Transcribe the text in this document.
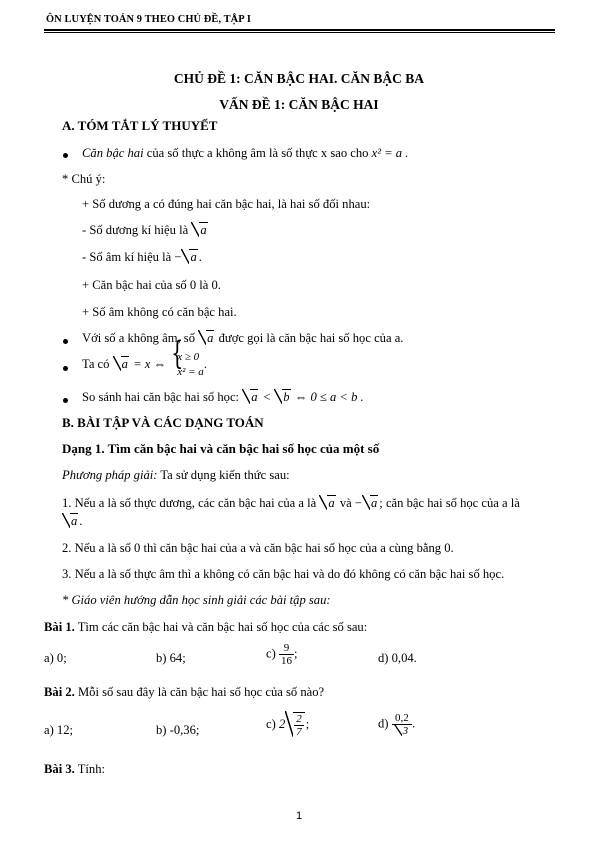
ÔN LUYỆN TOÁN 9 THEO CHỦ ĐỀ, TẬP I
CHỦ ĐỀ 1: CĂN BẬC HAI. CĂN BẬC BA
VẤN ĐỀ 1: CĂN BẬC HAI
A. TÓM TẮT LÝ THUYẾT
Căn bậc hai của số thực a không âm là số thực x sao cho x² = a .
* Chú ý:
+ Số dương a có đúng hai căn bậc hai, là hai số đối nhau:
- Số dương kí hiệu là a
- Số âm kí hiệu là − a .
+ Căn bậc hai của số 0 là 0.
+ Số âm không có căn bậc hai.
Với số a không âm, số a được gọi là căn bậc hai số học của a.
Ta có a = x ⇔
{ x ≥ 0
x² = a
.
So sánh hai căn bậc hai số học: a < b ⇔ 0 ≤ a < b .
B. BÀI TẬP VÀ CÁC DẠNG TOÁN
Dạng 1. Tìm căn bậc hai và căn bậc hai số học của một số
Phương pháp giải: Ta sử dụng kiến thức sau:
1. Nếu a là số thực dương, các căn bậc hai của a là a và − a ; căn bậc hai số học của a là
a .
2. Nếu a là số 0 thì căn bậc hai của a và căn bậc hai số học của a cùng bằng 0.
3. Nếu a là số thực âm thì a không có căn bậc hai và do đó không có căn bậc hai số học.
* Giáo viên hướng dẫn học sinh giải các bài tập sau:
Bài 1. Tìm các căn bậc hai và căn bậc hai số học của các số sau:
a) 0;	b) 64;	$c) \frac{9}{16}$ ;	d) 0,04.
Bài 2. Mỗi số sau đây là căn bậc hai số học của số nào?
a) 12;	b) -0,36;	c) $2 \frac{2}{7}$ ;	$d) \frac{0,2}{3}$ .
Bài 3. Tính:
1
